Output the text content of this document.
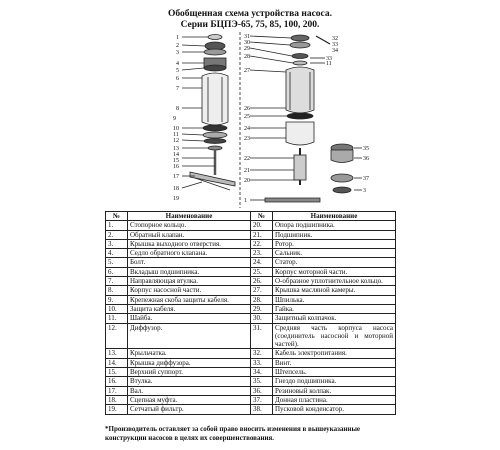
Обобщенная схема устройства насоса.
Серии БЦПЭ-65, 75, 85, 100, 200.
1
2
3
4
5
6
7
8
9
10
11
12
13
14
15
16
17
18
19
31
30
29
28
27
26
25
24
23
22
21
20
1
32
33
34
33
11
35
36
37
3
№	Наименование	№	Наименование
1.	Стопорное кольцо.	20.	Опора подшипника.
2.	Обратный клапан.	21.	Подшипник.
3.	Крышка выходного отверстия.	22.	Ротор.
4.	Седло обратного клапана.	23.	Сальник.
5.	Болт.	24.	Статор.
6.	Вкладыш подшипника.	25.	Корпус моторной части.
7.	Направляющая втулка.	26.	О-образное уплотнительное кольцо.
8.	Корпус насосной части.	27.	Крышка масляной камеры.
9.	Крепежная скоба защиты кабеля.	28.	Шпилька.
10.	Защита кабеля.	29.	Гайка.
11.	Шайба.	30.	Защитный колпачок.
12.	Диффузор.	31.	Средняя часть корпуса насоса (соединитель насосной и моторной частей).
13.	Крыльчатка.	32.	Кабель электропитания.
14.	Крышка диффузора.	33.	Винт.
15.	Верхний суппорт.	34.	Штепсель.
16.	Втулка.	35.	Гнездо подшипника.
17.	Вал.	36.	Резиновый колпак.
18.	Сцепная муфта.	37.	Донная пластина.
19.	Сетчатый фильтр.	38.	Пусковой конденсатор.
*Производитель оставляет за собой право вносить изменения в вышеуказанные
конструкции насосов в целях их совершенствования.
